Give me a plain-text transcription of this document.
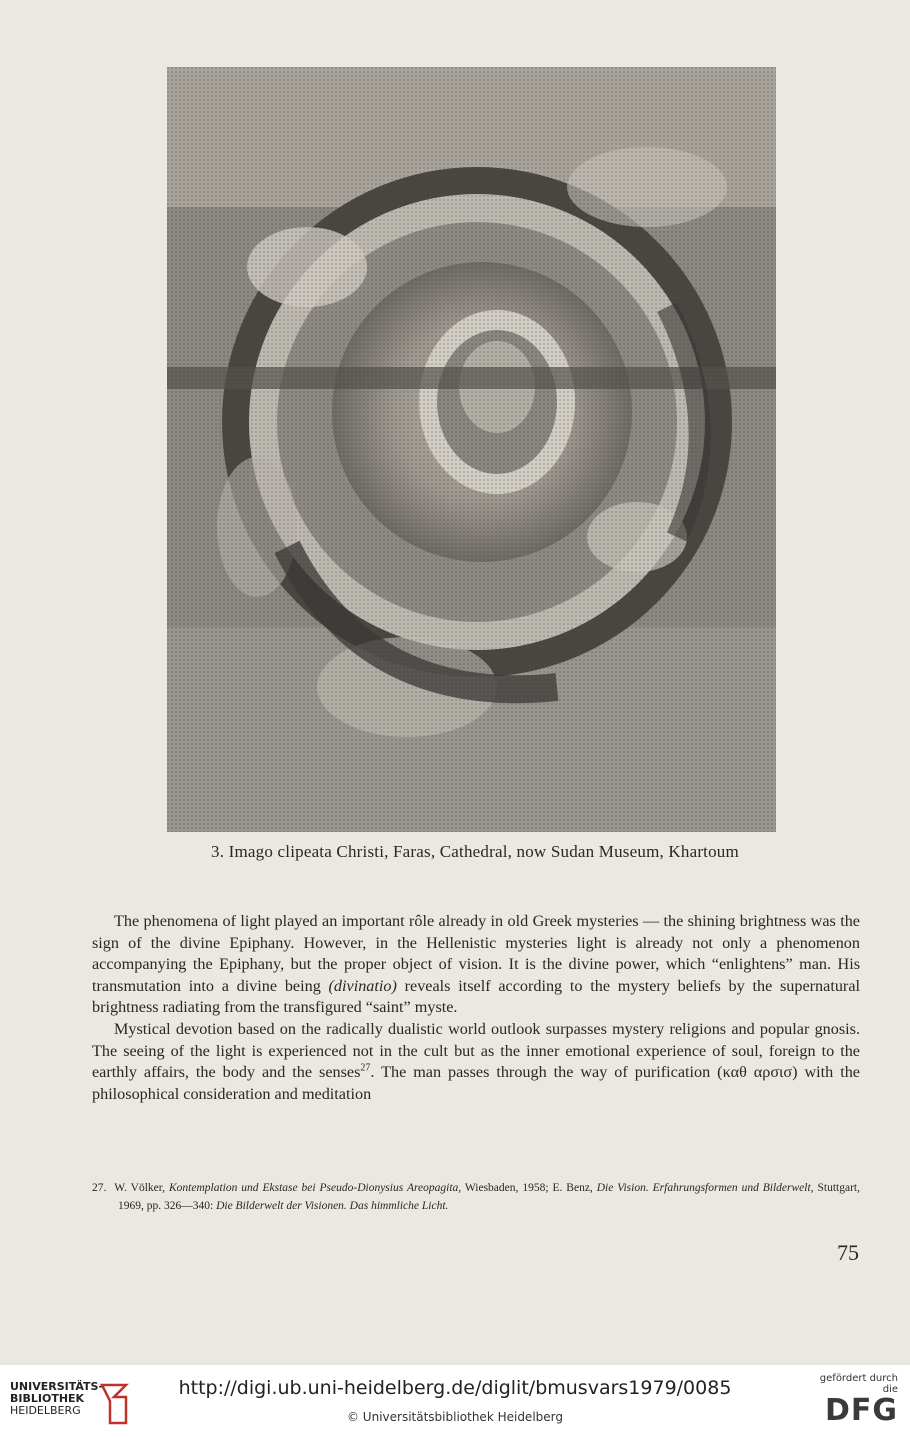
3. Imago clipeata Christi, Faras, Cathedral, now Sudan Museum, Khartoum

The phenomena of light played an important rôle already in old Greek mysteries — the shining brightness was the sign of the divine Epiphany. However, in the Hellenistic mysteries light is already not only a phenomenon accompanying the Epiphany, but the proper object of vision. It is the divine power, which “enlightens” man. His transmutation into a divine being (divinatio) reveals itself according to the mystery beliefs by the supernatural brightness radiating from the transfigured “saint” myste.

Mystical devotion based on the radically dualistic world outlook surpasses mystery religions and popular gnosis. The seeing of the light is experienced not in the cult but as the inner emotional experience of soul, foreign to the earthly affairs, the body and the senses$^{27}$. The man passes through the way of purification (καθ αρσισ) with the philosophical consideration and meditation

27. W. Völker, Kontemplation und Ekstase bei Pseudo-Dionysius Areopagita, Wiesbaden, 1958; E. Benz, Die Vision. Erfahrungsformen und Bilderwelt, Stuttgart, 1969, pp. 326—340: Die Bilderwelt der Visionen. Das himmliche Licht.
75
UNIVERSITÄTS-
BIBLIOTHEK
HEIDELBERG
http://digi.ub.uni-heidelberg.de/diglit/bmusvars1979/0085
© Universitätsbibliothek Heidelberg
gefördert durch die
DFG
